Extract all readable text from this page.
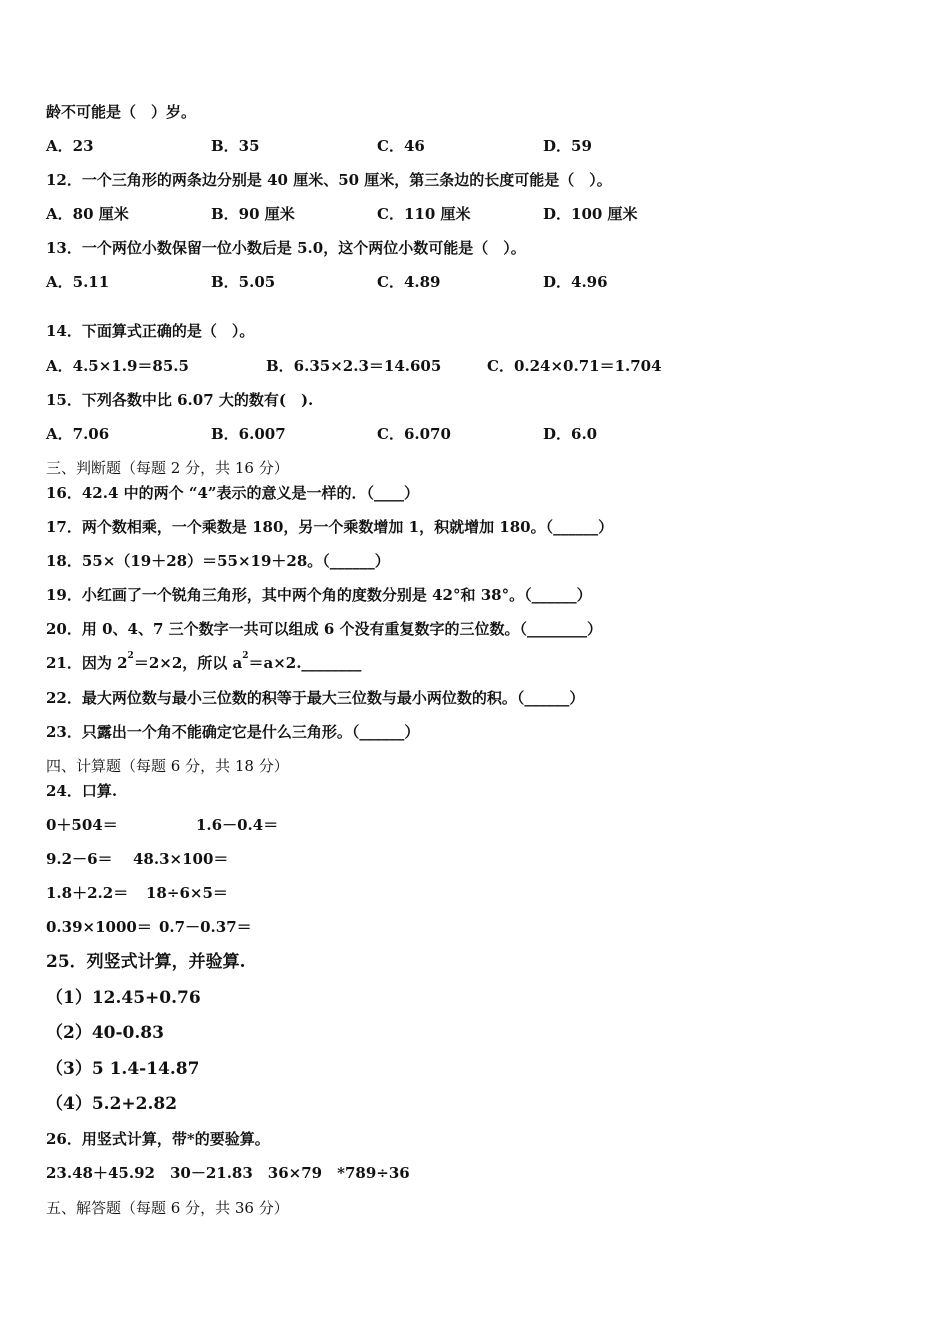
龄不可能是（　）岁。
A．23	B．35	C．46	D．59
12．一个三角形的两条边分别是 40 厘米、50 厘米，第三条边的长度可能是（　）。
A．80 厘米	B．90 厘米	C．110 厘米	D．100 厘米
13．一个两位小数保留一位小数后是 5.0，这个两位小数可能是（　）。
A．5.11	B．5.05	C．4.89	D．4.96
14．下面算式正确的是（　）。
A．4.5×1.9＝85.5	B．6.35×2.3＝14.605	C．0.24×0.71＝1.704
15．下列各数中比 6.07 大的数有(　).
A．7.06	B．6.007	C．6.070	D．6.0
三、判断题（每题 2 分，共 16 分）
16．42.4 中的两个 “4”表示的意义是一样的．（____）
17．两个数相乘，一个乘数是 180，另一个乘数增加 1，积就增加 180。（______）
18．55×（19＋28）＝55×19＋28。（______）
19．小红画了一个锐角三角形，其中两个角的度数分别是 42°和 38°。（______）
20．用 0、4、7 三个数字一共可以组成 6 个没有重复数字的三位数。（________）
21．因为 $2^2=2\times 2$，所以 $a^2=a\times 2.\_\_\_\_\_\_\_\_$
22．最大两位数与最小三位数的积等于最大三位数与最小两位数的积。（______）
23．只露出一个角不能确定它是什么三角形。（______）
四、计算题（每题 6 分，共 18 分）
24．口算.
0＋504＝	1.6－0.4＝
9.2－6＝ 48.3×100＝
1.8＋2.2＝ 18÷6×5＝
0.39×1000＝ 0.7－0.37＝
25．列竖式计算，并验算.
（1）12.45+0.76
（2）40-0.83
（3）5 1.4-14.87
（4）5.2+2.82
26．用竖式计算，带*的要验算。
23.48＋45.92　30－21.83　36×79　*789÷36
五、解答题（每题 6 分，共 36 分）
